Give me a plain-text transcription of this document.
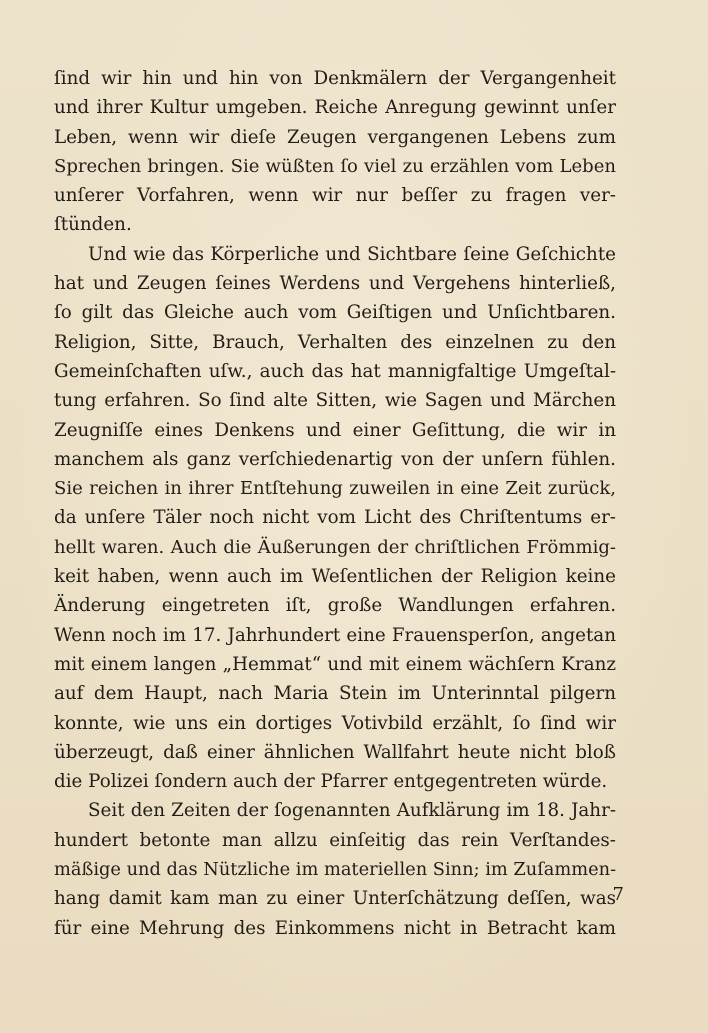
ſind wir hin und hin von Denkmälern der Vergangenheit
und ihrer Kultur umgeben. Reiche Anregung gewinnt unſer
Leben, wenn wir dieſe Zeugen vergangenen Lebens zum
Sprechen bringen. Sie wüßten ſo viel zu erzählen vom Leben
unſerer Vorfahren, wenn wir nur beſſer zu fragen ver-
ſtünden.
Und wie das Körperliche und Sichtbare ſeine Geſchichte
hat und Zeugen ſeines Werdens und Vergehens hinterließ,
ſo gilt das Gleiche auch vom Geiſtigen und Unſichtbaren.
Religion, Sitte, Brauch, Verhalten des einzelnen zu den
Gemeinſchaften uſw., auch das hat mannigfaltige Umgeſtal-
tung erfahren. So ſind alte Sitten, wie Sagen und Märchen
Zeugniſſe eines Denkens und einer Geſittung, die wir in
manchem als ganz verſchiedenartig von der unſern fühlen.
Sie reichen in ihrer Entſtehung zuweilen in eine Zeit zurück,
da unſere Täler noch nicht vom Licht des Chriſtentums er-
hellt waren. Auch die Äußerungen der chriſtlichen Frömmig-
keit haben, wenn auch im Weſentlichen der Religion keine
Änderung eingetreten iſt, große Wandlungen erfahren.
Wenn noch im 17. Jahrhundert eine Frauensperſon, angetan
mit einem langen „Hemmat“ und mit einem wächſern Kranz
auf dem Haupt, nach Maria Stein im Unterinntal pilgern
konnte, wie uns ein dortiges Votivbild erzählt, ſo ſind wir
überzeugt, daß einer ähnlichen Wallfahrt heute nicht bloß
die Polizei ſondern auch der Pfarrer entgegentreten würde.
Seit den Zeiten der ſogenannten Aufklärung im 18. Jahr-
hundert betonte man allzu einſeitig das rein Verſtandes-
mäßige und das Nützliche im materiellen Sinn; im Zuſammen-
hang damit kam man zu einer Unterſchätzung deſſen, was
für eine Mehrung des Einkommens nicht in Betracht kam
7
